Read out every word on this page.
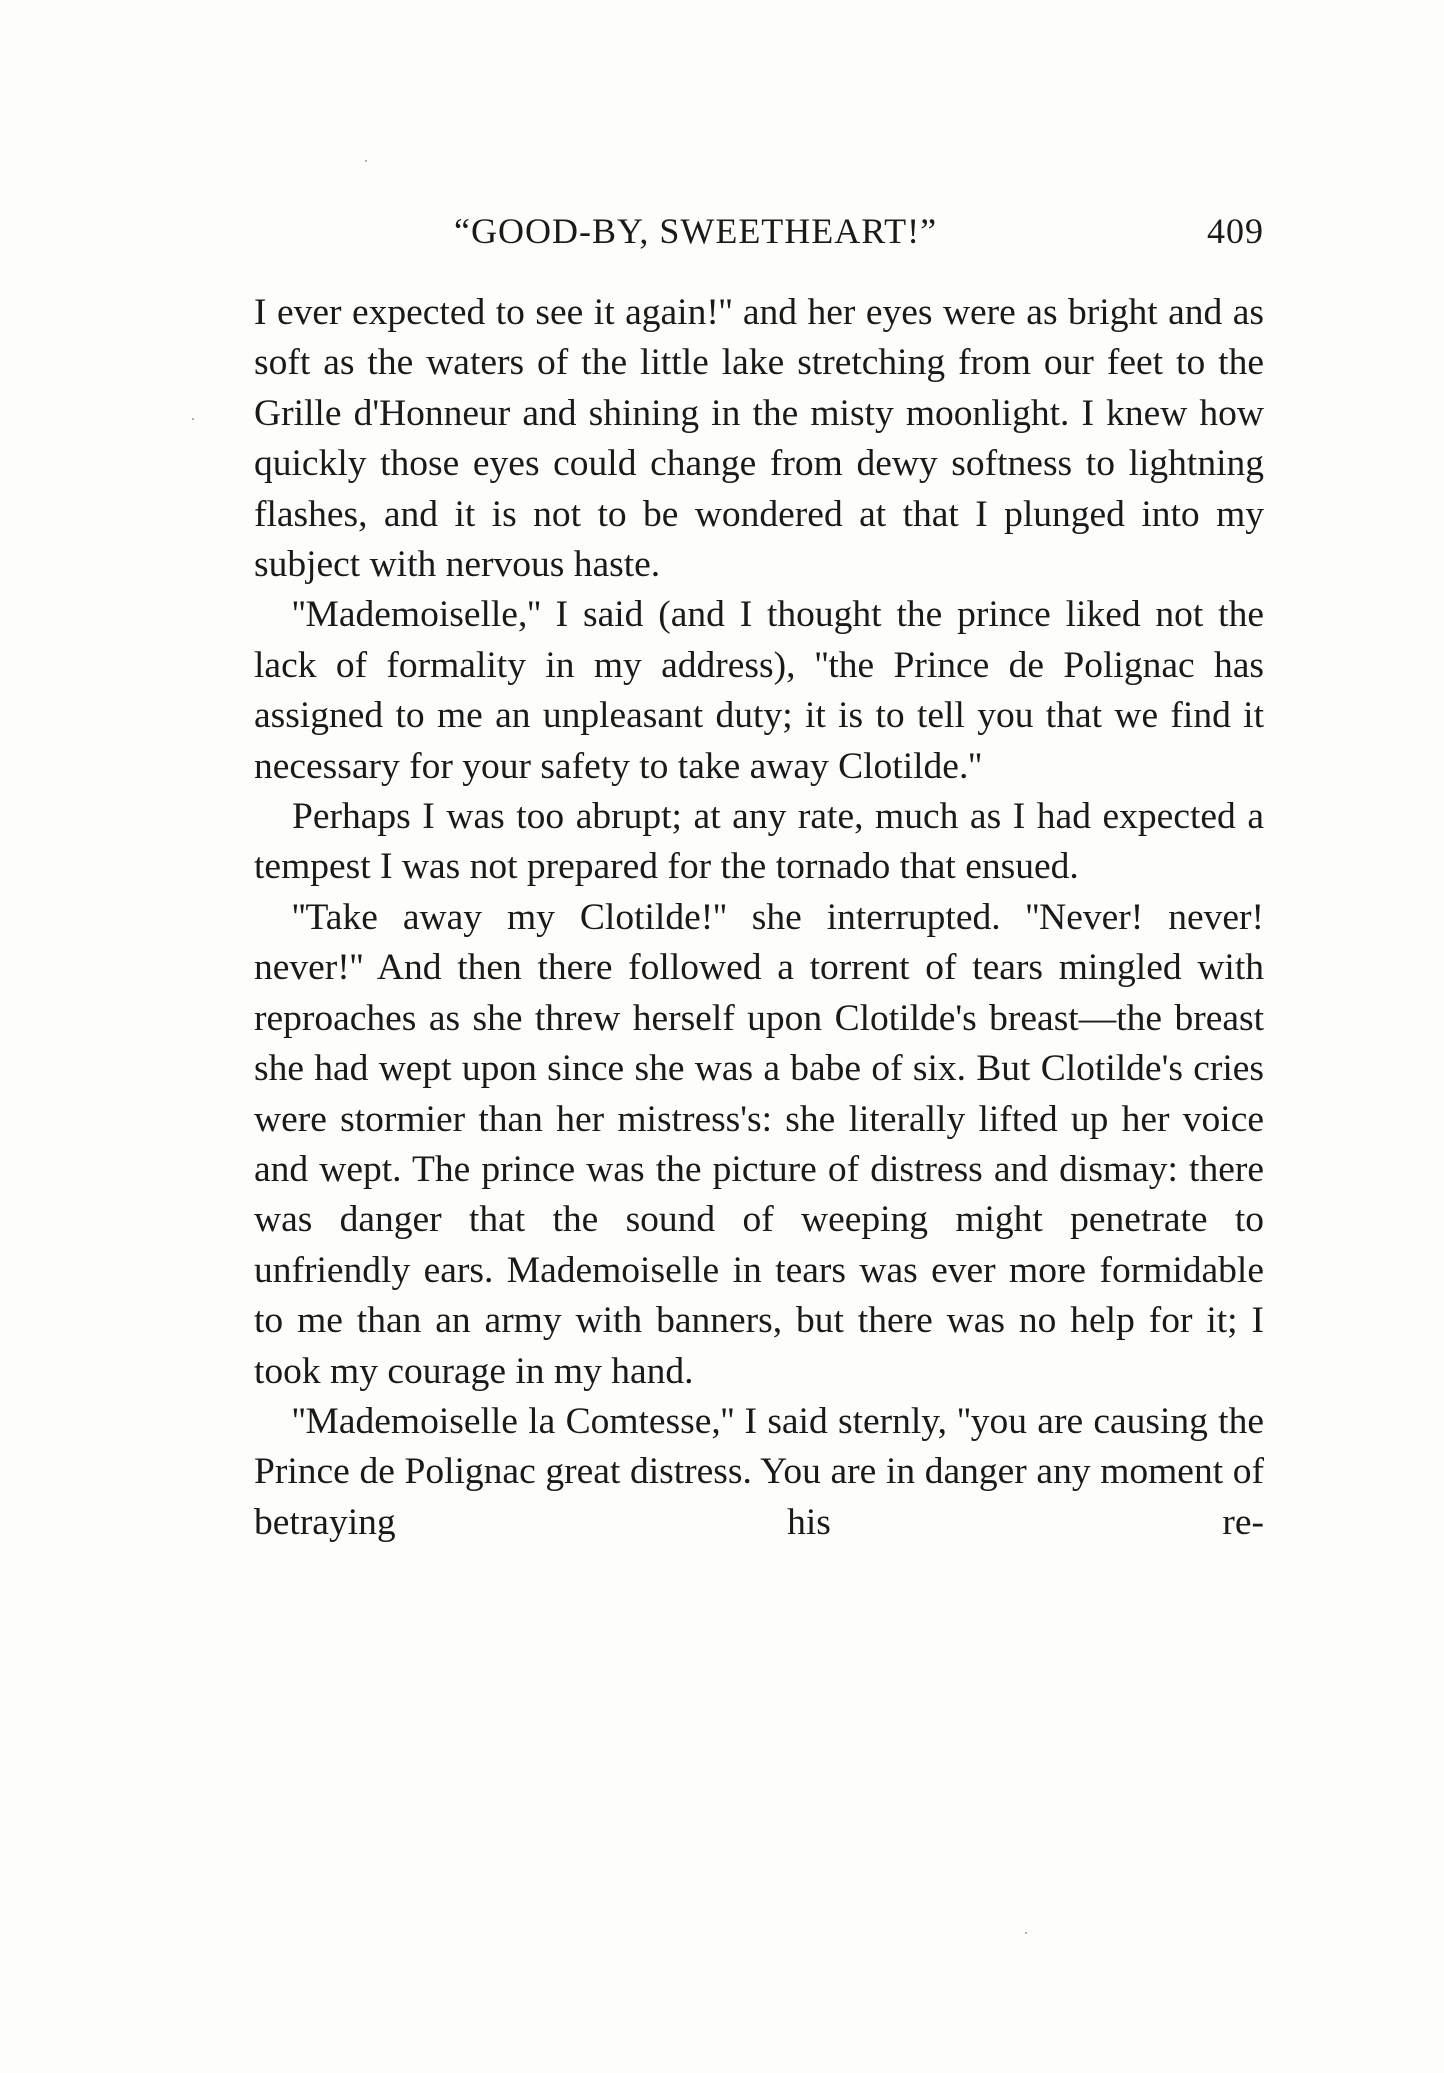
“GOOD-BY, SWEETHEART!”	409

I ever expected to see it again!'' and her eyes were as bright and as soft as the waters of the little lake stretching from our feet to the Grille d'Honneur and shining in the misty moonlight. I knew how quickly those eyes could change from dewy softness to lightning flashes, and it is not to be wondered at that I plunged into my subject with nervous haste.

''Mademoiselle,'' I said (and I thought the prince liked not the lack of formality in my address), ''the Prince de Polignac has assigned to me an unpleasant duty; it is to tell you that we find it necessary for your safety to take away Clotilde.''

Perhaps I was too abrupt; at any rate, much as I had expected a tempest I was not prepared for the tornado that ensued.

''Take away my Clotilde!'' she interrupted. ''Never! never! never!'' And then there followed a torrent of tears mingled with reproaches as she threw herself upon Clotilde's breast—the breast she had wept upon since she was a babe of six. But Clotilde's cries were stormier than her mistress's: she literally lifted up her voice and wept. The prince was the picture of distress and dismay: there was danger that the sound of weeping might penetrate to unfriendly ears. Mademoiselle in tears was ever more formidable to me than an army with banners, but there was no help for it; I took my courage in my hand.

''Mademoiselle la Comtesse,'' I said sternly, ''you are causing the Prince de Polignac great distress. You are in danger any moment of betraying his re-
